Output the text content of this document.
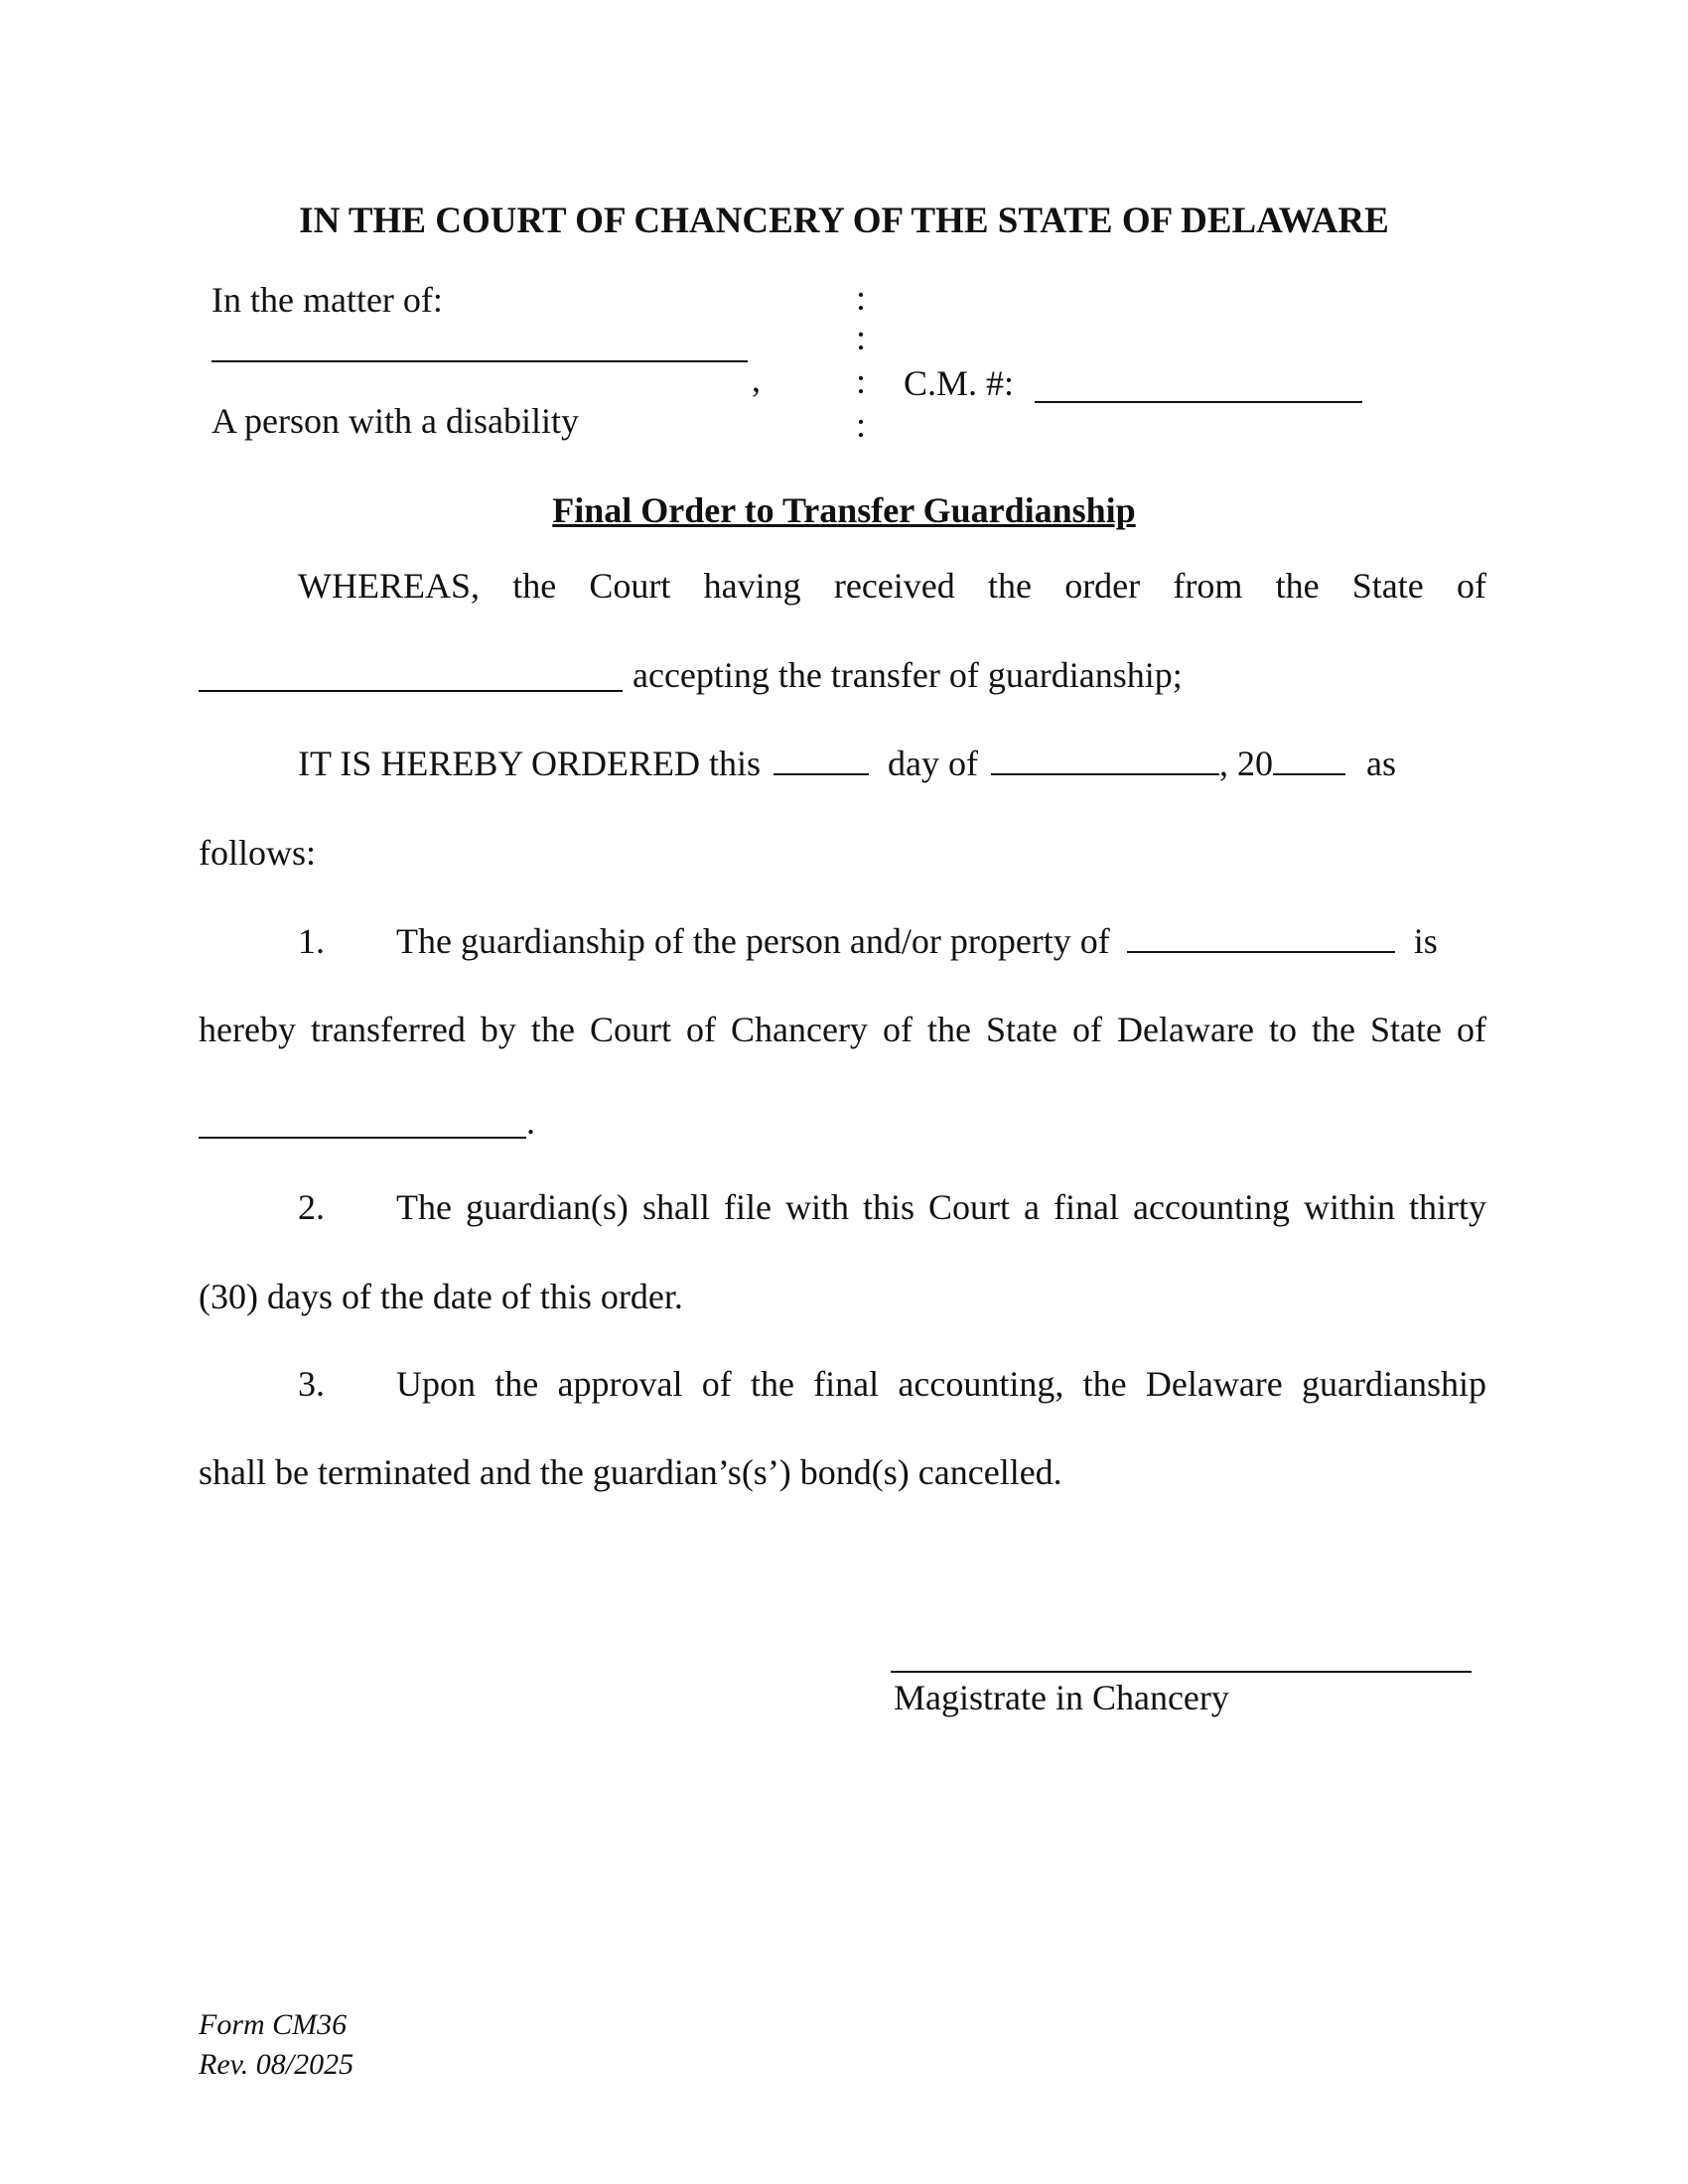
IN THE COURT OF CHANCERY OF THE STATE OF DELAWARE
In the matter of:
,
A person with a disability
:
:
:
:
C.M. #:
Final Order to Transfer Guardianship
WHEREAS, the Court having received the order from the State of
accepting the transfer of guardianship;
IT IS HEREBY ORDERED this	day of	, 20	as
follows:
1. The guardianship of the person and/or property of	is
hereby transferred by the Court of Chancery of the State of Delaware to the State of
.
2. The guardian(s) shall file with this Court a final accounting within thirty
(30) days of the date of this order.
3. Upon the approval of the final accounting, the Delaware guardianship
shall be terminated and the guardian’s(s’) bond(s) cancelled.
Magistrate in Chancery
Form CM36
Rev. 08/2025
